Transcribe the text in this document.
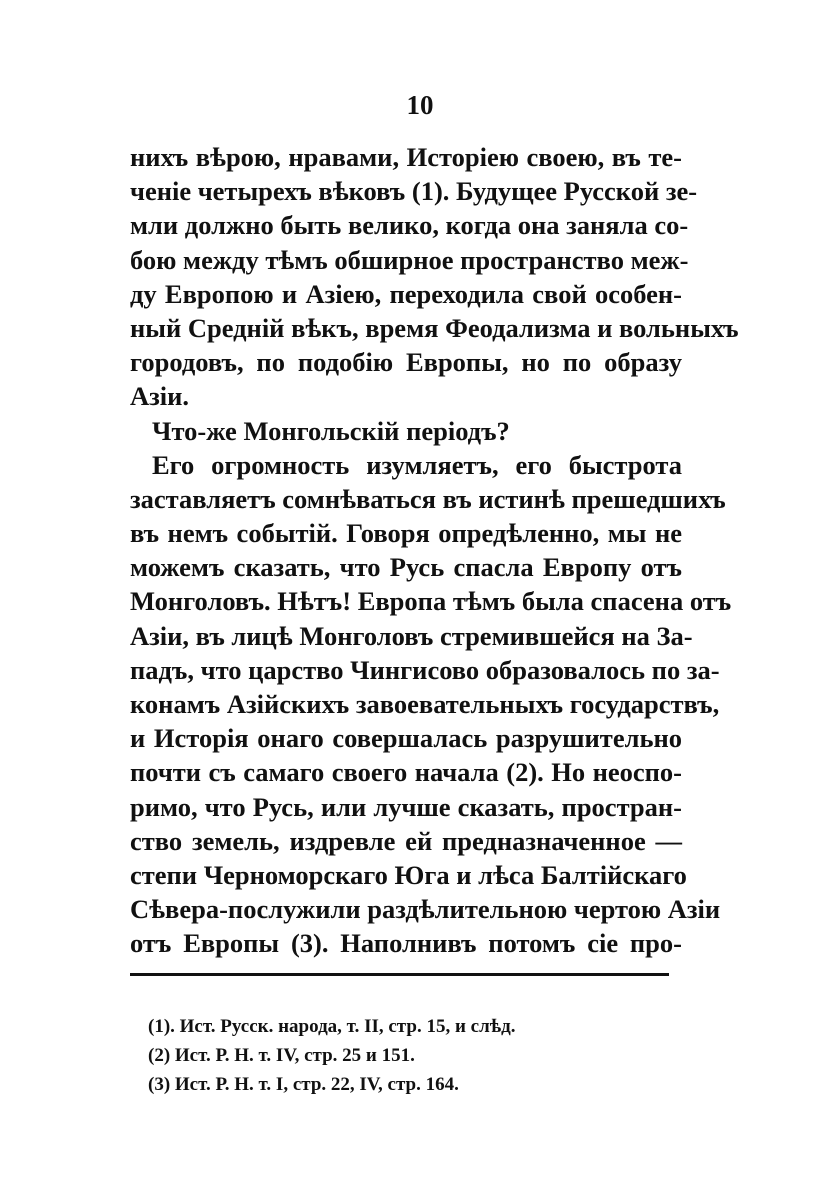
10
нихъ вѣрою, нравами, Исторіею своею, въ те-
ченіе четырехъ вѣковъ (1). Будущее Русской зе-
мли должно быть велико, когда она заняла со-
бою между тѣмъ обширное пространство меж-
ду Европою и Азіею, переходила свой особен-
ный Средній вѣкъ, время Феодализма и вольныхъ
городовъ, по подобію Европы, но по образу
Азіи.
Что-же Монгольскій періодъ?
Его огромность изумляетъ, его быстрота
заставляетъ сомнѣваться въ истинѣ прешедшихъ
въ немъ событій. Говоря опредѣленно, мы не
можемъ сказать, что Русь спасла Европу отъ
Монголовъ. Нѣтъ! Европа тѣмъ была спасена отъ
Азіи, въ лицѣ Монголовъ стремившейся на За-
падъ, что царство Чингисово образовалось по за-
конамъ Азійскихъ завоевательныхъ государствъ,
и Исторія онаго совершалась разрушительно
почти съ самаго своего начала (2). Но неоспо-
римо, что Русь, или лучше сказать, простран-
ство земель, издревле ей предназначенное —
степи Черноморскаго Юга и лѣса Балтійскаго
Сѣвера-послужили раздѣлительною чертою Азіи
отъ Европы (3). Наполнивъ потомъ сіе про-
(1). Ист. Русск. народа, т. II, стр. 15, и слѣд.
(2) Ист. Р. Н. т. IV, стр. 25 и 151.
(3) Ист. Р. Н. т. I, стр. 22, IV, стр. 164.
